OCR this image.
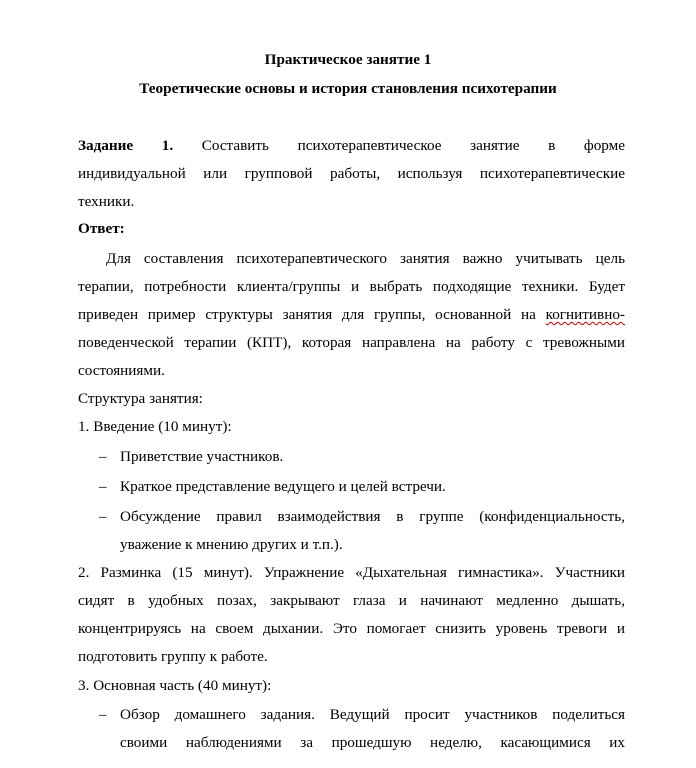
Практическое занятие 1
Теоретические основы и история становления психотерапии
Задание 1. Составить психотерапевтическое занятие в форме
индивидуальной или групповой работы, используя психотерапевтические
техники.
Ответ:
Для составления психотерапевтического занятия важно учитывать цель
терапии, потребности клиента/группы и выбрать подходящие техники. Будет
приведен пример структуры занятия для группы, основанной на когнитивно-
поведенческой терапии (КПТ), которая направлена на работу с тревожными
состояниями.
Структура занятия:
1. Введение (10 минут):
– Приветствие участников.
– Краткое представление ведущего и целей встречи.
– Обсуждение правил взаимодействия в группе (конфиденциальность,
уважение к мнению других и т.п.).
2. Разминка (15 минут). Упражнение «Дыхательная гимнастика». Участники
сидят в удобных позах, закрывают глаза и начинают медленно дышать,
концентрируясь на своем дыхании. Это помогает снизить уровень тревоги и
подготовить группу к работе.
3. Основная часть (40 минут):
– Обзор домашнего задания. Ведущий просит участников поделиться
своими наблюдениями за прошедшую неделю, касающимися их
